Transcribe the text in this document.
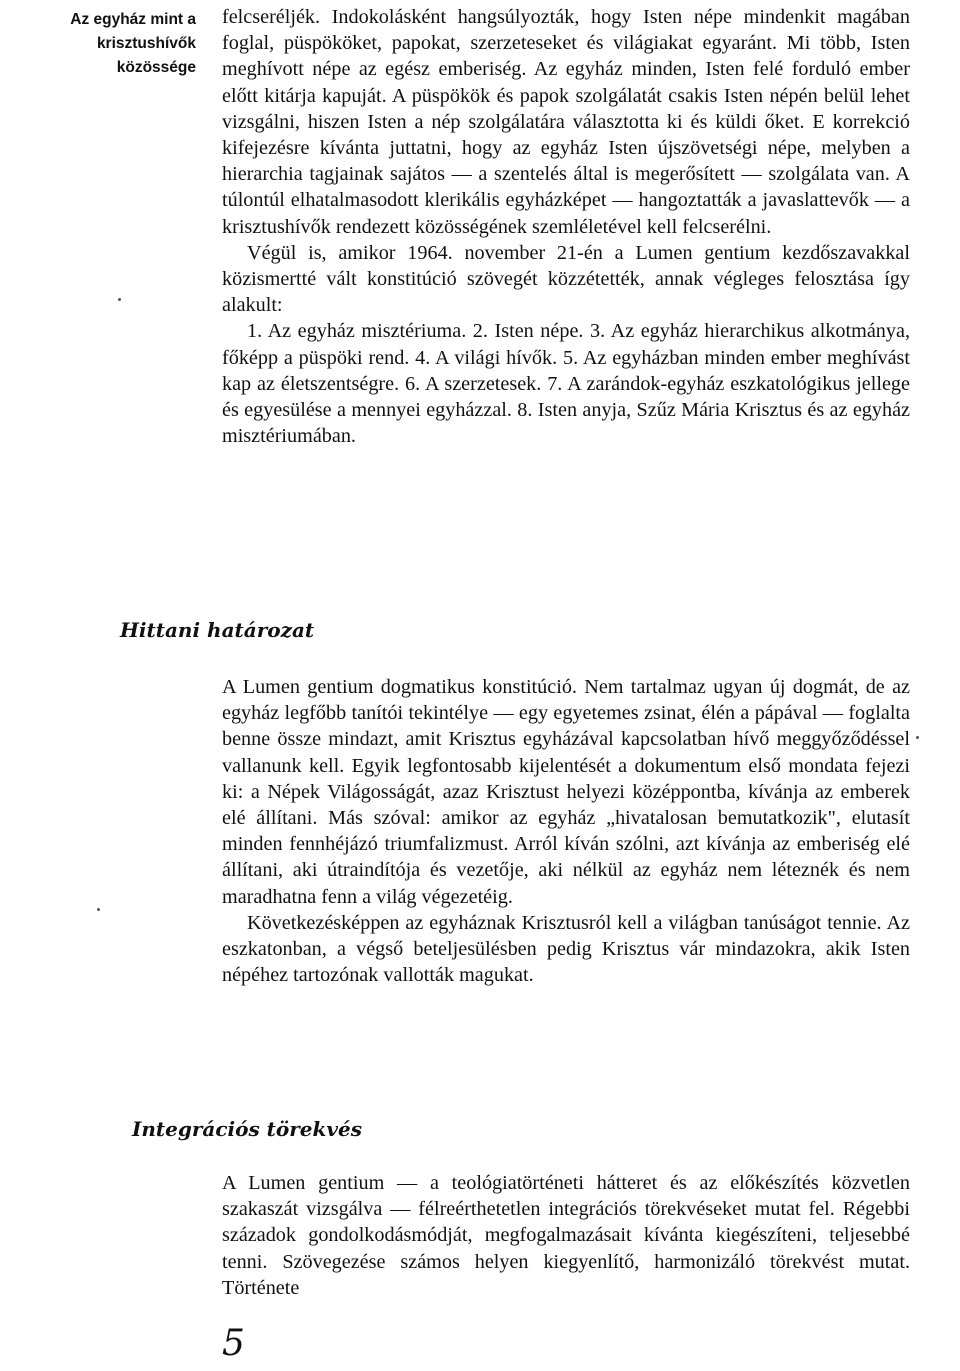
Az egyház mint a
krisztushívők
közössége

felcseréljék. Indokolásként hangsúlyozták, hogy Isten népe mindenkit magában foglal, püspököket, papokat, szerzeteseket és világiakat egyaránt. Mi több, Isten meghívott népe az egész emberiség. Az egyház minden, Isten felé forduló ember előtt kitárja kapuját. A püspökök és papok szolgálatát csakis Isten népén belül lehet vizsgálni, hiszen Isten a nép szolgálatára választotta ki és küldi őket. E korrekció kifejezésre kívánta juttatni, hogy az egyház Isten újszövetségi népe, melyben a hierarchia tagjainak sajátos — a szentelés által is megerősített — szolgálata van. A túlontúl elhatalmasodott klerikális egyházképet — hangoztatták a javaslattevők — a krisztushívők rendezett közösségének szemléletével kell felcserélni.

Végül is, amikor 1964. november 21-én a Lumen gentium kezdőszavakkal közismertté vált konstitúció szövegét közzétették, annak végleges felosztása így alakult:

1. Az egyház misztériuma. 2. Isten népe. 3. Az egyház hierarchikus alkotmánya, főképp a püspöki rend. 4. A világi hívők. 5. Az egyházban minden ember meghívást kap az életszentségre. 6. A szerzetesek. 7. A zarándok-egyház eszkatológikus jellege és egyesülése a mennyei egyházzal. 8. Isten anyja, Szűz Mária Krisztus és az egyház misztériumában.

Hittani határozat

A Lumen gentium dogmatikus konstitúció. Nem tartalmaz ugyan új dogmát, de az egyház legfőbb tanítói tekintélye — egy egyetemes zsinat, élén a pápával — foglalta benne össze mindazt, amit Krisztus egyházával kapcsolatban hívő meggyőződéssel vallanunk kell. Egyik legfontosabb kijelentését a dokumentum első mondata fejezi ki: a Népek Világosságát, azaz Krisztust helyezi középpontba, kívánja az emberek elé állítani. Más szóval: amikor az egyház „hivatalosan bemutatkozik", elutasít minden fennhéjázó triumfalizmust. Arról kíván szólni, azt kívánja az emberiség elé állítani, aki útraindítója és vezetője, aki nélkül az egyház nem léteznék és nem maradhatna fenn a világ végezetéig.

Következésképpen az egyháznak Krisztusról kell a világban tanúságot tennie. Az eszkatonban, a végső beteljesülésben pedig Krisztus vár mindazokra, akik Isten népéhez tartozónak vallották magukat.

Integrációs törekvés

A Lumen gentium — a teológiatörténeti hátteret és az előkészítés közvetlen szakaszát vizsgálva — félreérthetetlen integrációs törekvéseket mutat fel. Régebbi századok gondolkodásmódját, megfogalmazásait kívánta kiegészíteni, teljesebbé tenni. Szövegezése számos helyen kiegyenlítő, harmonizáló törekvést mutat. Története

5
